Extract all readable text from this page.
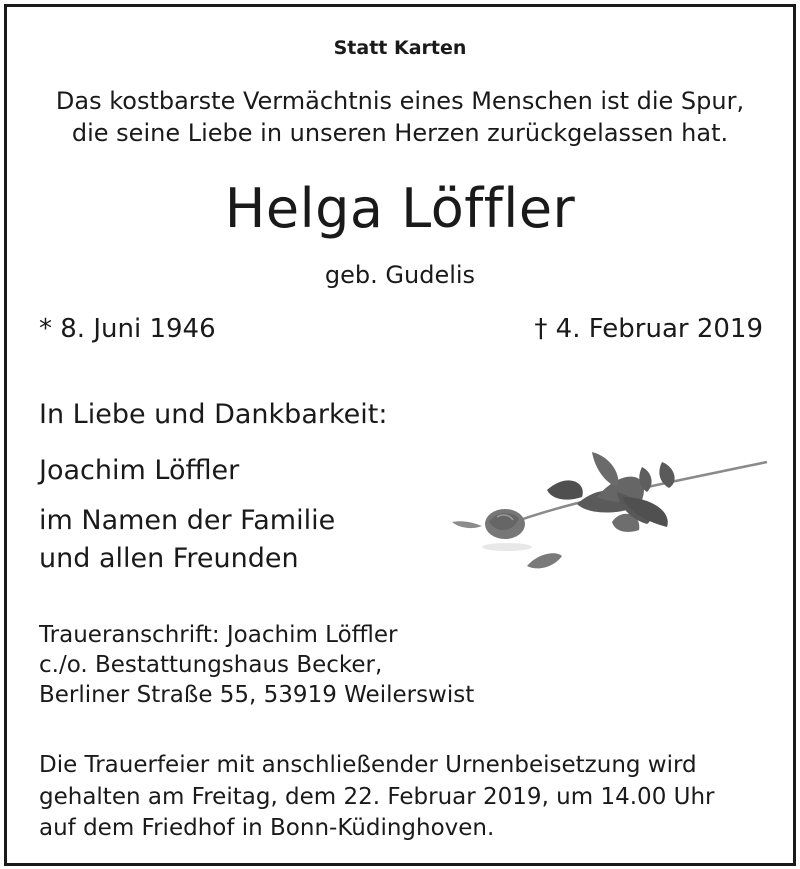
Statt Karten
Das kostbarste Vermächtnis eines Menschen ist die Spur,
die seine Liebe in unseren Herzen zurückgelassen hat.
Helga Löffler
geb. Gudelis
* 8. Juni 1946	† 4. Februar 2019
In Liebe und Dankbarkeit:
Joachim Löffler
im Namen der Familie
und allen Freunden
Traueranschrift: Joachim Löffler
c./o. Bestattungshaus Becker,
Berliner Straße 55, 53919 Weilerswist
Die Trauerfeier mit anschließender Urnenbeisetzung wird
gehalten am Freitag, dem 22. Februar 2019, um 14.00 Uhr
auf dem Friedhof in Bonn-Küdinghoven.
